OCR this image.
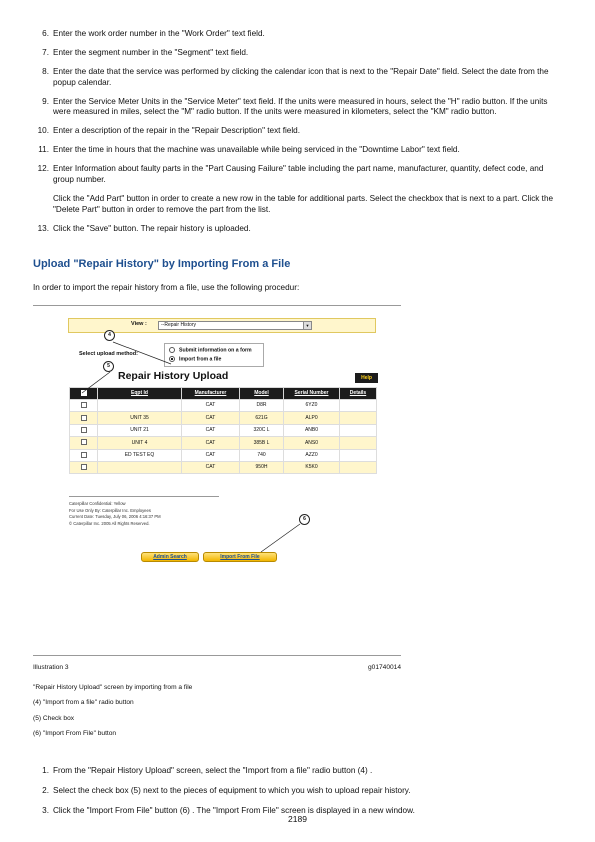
6. Enter the work order number in the "Work Order" text field.

7. Enter the segment number in the "Segment" text field.

8. Enter the date that the service was performed by clicking the calendar icon that is next to the "Repair Date" field. Select the date from the popup calendar.

9. Enter the Service Meter Units in the "Service Meter" text field. If the units were measured in hours, select the "H" radio button. If the units were measured in miles, select the "M" radio button. If the units were measured in kilometers, select the "KM" radio button.

10. Enter a description of the repair in the "Repair Description" text field.

11. Enter the time in hours that the machine was unavailable while being serviced in the "Downtime Labor" text field.

12. Enter Information about faulty parts in the "Part Causing Failure" table including the part name, manufacturer, quantity, defect code, and group number.

Click the "Add Part" button in order to create a new row in the table for additional parts. Select the checkbox that is next to a part. Click the "Delete Part" button in order to remove the part from the list.

13. Click the "Save" button. The repair history is uploaded.

Upload "Repair History" by Importing From a File

In order to import the repair history from a file, use the following procedur:

View :	--Repair History	▼
Select upload method:
Submit information on a form
Import from a file
Repair History Upload	Help
	Eqpt Id	Manufacturer	Model	Serial Number	Details
		CAT	D8R	6YZ0	
	UNIT 35	CAT	621G	ALP0	
	UNIT 21	CAT	320C L	ANB0	
	UNIT 4	CAT	385B L	ANS0	
	ED TEST EQ	CAT	740	AZZ0	
		CAT	950H	K5K0	
Caterpillar Confidential: Yellow
For Use Only By: Caterpillar Inc. Employees
Current Date: Tuesday, July 06, 2006 4:16:37 PM
© Caterpillar Inc. 2005 All Rights Reserved.
Admin Search	Import From File
4
5
6
Illustration 3	g01740014
"Repair History Upload" screen by importing from a file
(4) "Import from a file" radio button
(5) Check box
(6) "Import From File" button
1. From the "Repair History Upload" screen, select the "Import from a file" radio button (4) .

2. Select the check box (5) next to the pieces of equipment to which you wish to upload repair history.

3. Click the "Import From File" button (6) . The "Import From File" screen is displayed in a new window.

2189
